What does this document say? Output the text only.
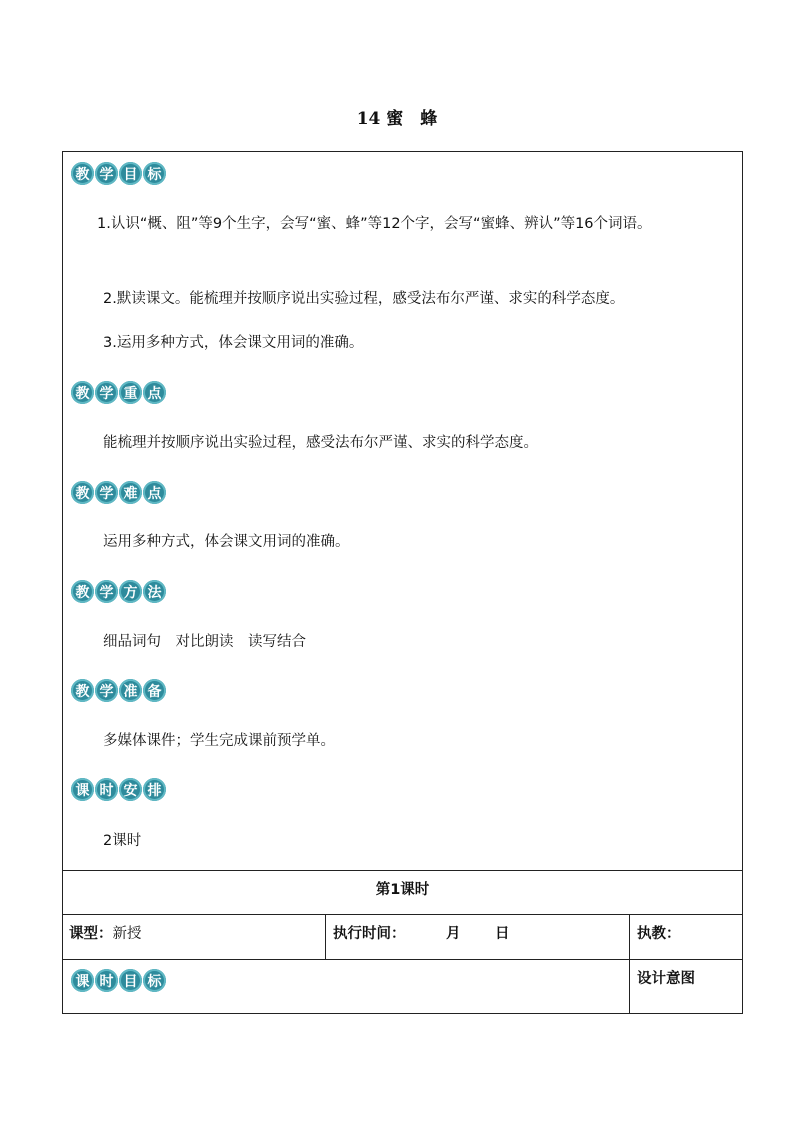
14 蜜　蜂
教 学 目 标
1.认识“概、阻”等9个生字，会写“蜜、蜂”等12个字，会写“蜜蜂、辨认”等16个词语。
2.默读课文。能梳理并按顺序说出实验过程，感受法布尔严谨、求实的科学态度。
3.运用多种方式，体会课文用词的准确。
教 学 重 点
能梳理并按顺序说出实验过程，感受法布尔严谨、求实的科学态度。
教 学 难 点
运用多种方式，体会课文用词的准确。
教 学 方 法
细品词句　对比朗读　读写结合
教 学 准 备
多媒体课件；学生完成课前预学单。
课 时 安 排
2课时
第1课时
课型：新授	执行时间：	月 日	执教：
课 时 目 标	设计意图
